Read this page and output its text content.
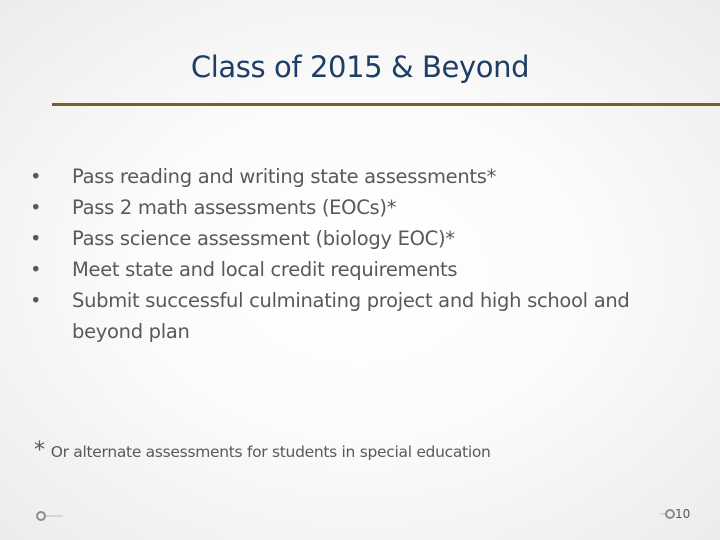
Class of 2015 & Beyond
• Pass reading and writing state assessments*
• Pass 2 math assessments (EOCs)*
• Pass science assessment (biology EOC)*
• Meet state and local credit requirements
• Submit successful culminating project and high school and beyond plan
* Or alternate assessments for students in special education
10
